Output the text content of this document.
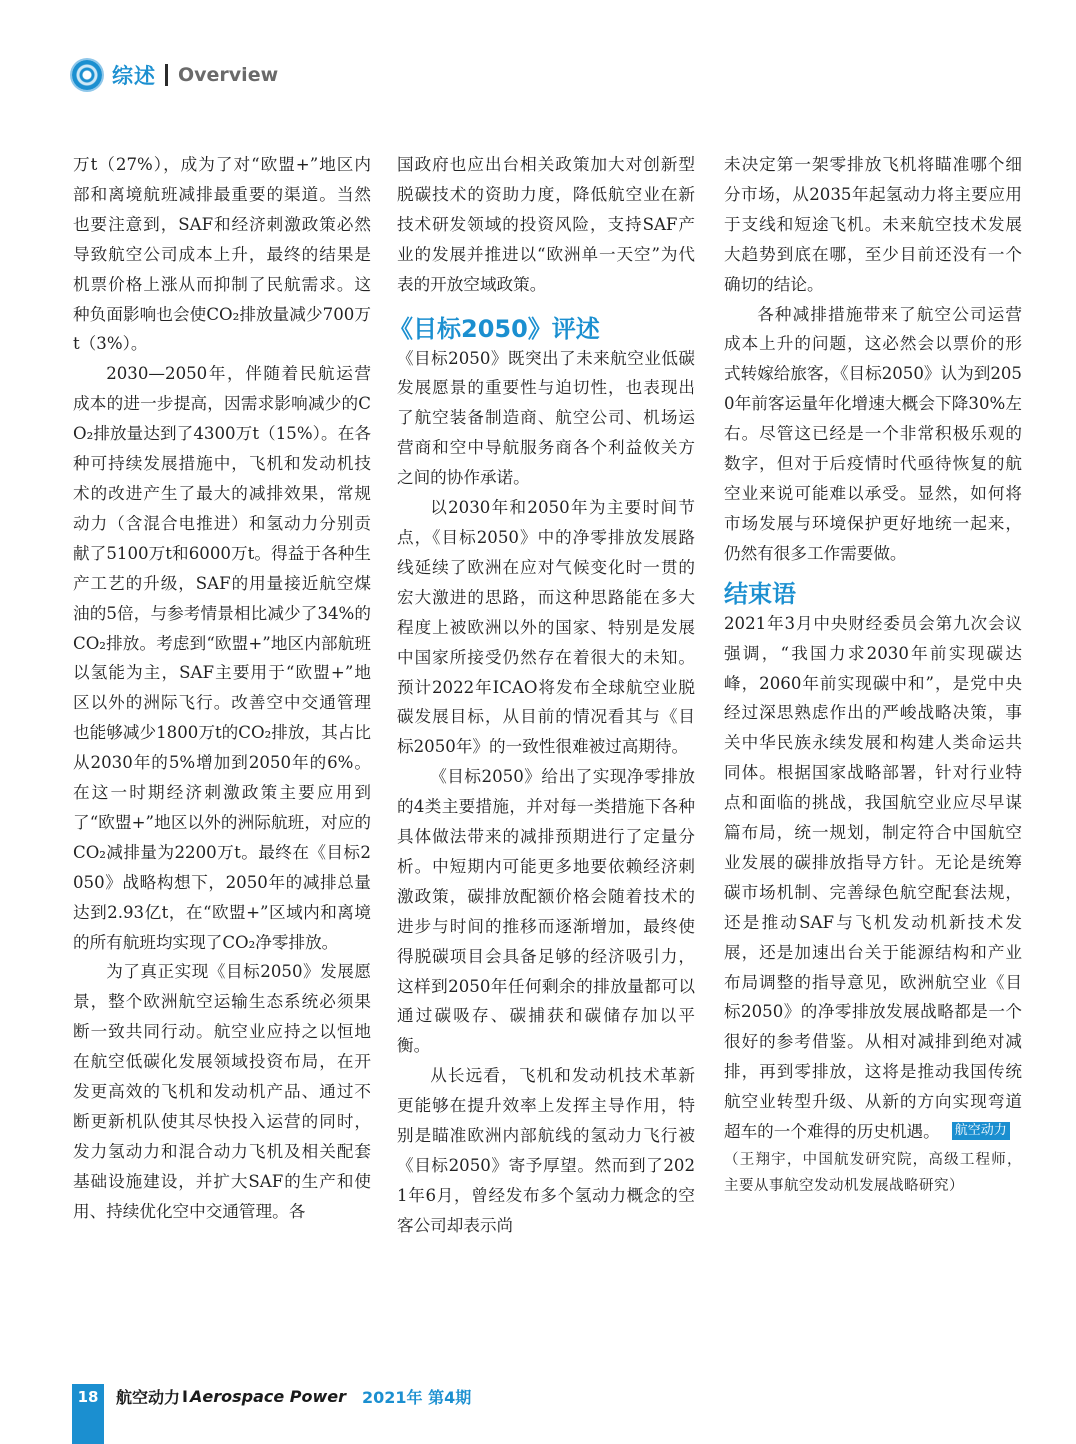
综述 Overview

万t（27%），成为了对“欧盟+”地区内部和离境航班减排最重要的渠道。当然也要注意到，SAF和经济刺激政策必然导致航空公司成本上升，最终的结果是机票价格上涨从而抑制了民航需求。这种负面影响也会使CO₂排放量减少700万t（3%）。

2030—2050年，伴随着民航运营成本的进一步提高，因需求影响减少的CO₂排放量达到了4300万t（15%）。在各种可持续发展措施中，飞机和发动机技术的改进产生了最大的减排效果，常规动力（含混合电推进）和氢动力分别贡献了5100万t和6000万t。得益于各种生产工艺的升级，SAF的用量接近航空煤油的5倍，与参考情景相比减少了34%的CO₂排放。考虑到“欧盟+”地区内部航班以氢能为主，SAF主要用于“欧盟+”地区以外的洲际飞行。改善空中交通管理也能够减少1800万t的CO₂排放，其占比从2030年的5%增加到2050年的6%。在这一时期经济刺激政策主要应用到了“欧盟+”地区以外的洲际航班，对应的CO₂减排量为2200万t。最终在《目标2050》战略构想下，2050年的减排总量达到2.93亿t，在“欧盟+”区域内和离境的所有航班均实现了CO₂净零排放。

为了真正实现《目标2050》发展愿景，整个欧洲航空运输生态系统必须果断一致共同行动。航空业应持之以恒地在航空低碳化发展领域投资布局，在开发更高效的飞机和发动机产品、通过不断更新机队使其尽快投入运营的同时，发力氢动力和混合动力飞机及相关配套基础设施建设，并扩大SAF的生产和使用、持续优化空中交通管理。各

国政府也应出台相关政策加大对创新型脱碳技术的资助力度，降低航空业在新技术研发领域的投资风险，支持SAF产业的发展并推进以“欧洲单一天空”为代表的开放空域政策。

《目标2050》评述

《目标2050》既突出了未来航空业低碳发展愿景的重要性与迫切性，也表现出了航空装备制造商、航空公司、机场运营商和空中导航服务商各个利益攸关方之间的协作承诺。

以2030年和2050年为主要时间节点，《目标2050》中的净零排放发展路线延续了欧洲在应对气候变化时一贯的宏大激进的思路，而这种思路能在多大程度上被欧洲以外的国家、特别是发展中国家所接受仍然存在着很大的未知。预计2022年ICAO将发布全球航空业脱碳发展目标，从目前的情况看其与《目标2050年》的一致性很难被过高期待。

《目标2050》给出了实现净零排放的4类主要措施，并对每一类措施下各种具体做法带来的减排预期进行了定量分析。中短期内可能更多地要依赖经济刺激政策，碳排放配额价格会随着技术的进步与时间的推移而逐渐增加，最终使得脱碳项目会具备足够的经济吸引力，这样到2050年任何剩余的排放量都可以通过碳吸存、碳捕获和碳储存加以平衡。

从长远看，飞机和发动机技术革新更能够在提升效率上发挥主导作用，特别是瞄准欧洲内部航线的氢动力飞行被《目标2050》寄予厚望。然而到了2021年6月，曾经发布多个氢动力概念的空客公司却表示尚

未决定第一架零排放飞机将瞄准哪个细分市场，从2035年起氢动力将主要应用于支线和短途飞机。未来航空技术发展大趋势到底在哪，至少目前还没有一个确切的结论。

各种减排措施带来了航空公司运营成本上升的问题，这必然会以票价的形式转嫁给旅客，《目标2050》认为到2050年前客运量年化增速大概会下降30%左右。尽管这已经是一个非常积极乐观的数字，但对于后疫情时代亟待恢复的航空业来说可能难以承受。显然，如何将市场发展与环境保护更好地统一起来，仍然有很多工作需要做。

结束语

2021年3月中央财经委员会第九次会议强调，“我国力求2030年前实现碳达峰，2060年前实现碳中和”，是党中央经过深思熟虑作出的严峻战略决策，事关中华民族永续发展和构建人类命运共同体。根据国家战略部署，针对行业特点和面临的挑战，我国航空业应尽早谋篇布局，统一规划，制定符合中国航空业发展的碳排放指导方针。无论是统筹碳市场机制、完善绿色航空配套法规，还是推动SAF与飞机发动机新技术发展，还是加速出台关于能源结构和产业布局调整的指导意见，欧洲航空业《目标2050》的净零排放发展战略都是一个很好的参考借鉴。从相对减排到绝对减排，再到零排放，这将是推动我国传统航空业转型升级、从新的方向实现弯道超车的一个难得的历史机遇。 航空动力

（王翔宇，中国航发研究院，高级工程师，主要从事航空发动机发展战略研究）

18	航空动力 I Aerospace Power 2021年 第4期
